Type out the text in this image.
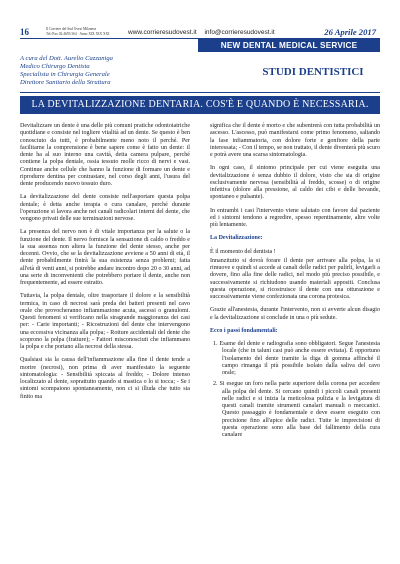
16	Il Corriere del Sud Ovest Milanese
Tel./Fax 02.4659.364 · Anno XIX XIX XXI	www.corrieresudovest.it info@corrieresudovest.it	26 Aprile 2017
NEW DENTAL MEDICAL SERVICE
A cura del Dott. Aurelio Cazzaniga
Medico Chirurgo Dentista
Specialista in Chirurgia Generale
Direttore Sanitario della Struttura
STUDI DENTISTICI
LA DEVITALIZZAZIONE DENTARIA. COS'È E QUANDO È NECESSARIA.

Devitalizzare un dente è una delle più comuni pratiche odontoiatriche quotidiane e consiste nel togliere vitalità ad un dente. Se questo è ben conosciuto da tutti, è probabilmente meno noto il perché. Per facilitarne la comprensione è bene sapere come è fatto un dente: il dente ha al suo interno una cavità, detta camera pulpare, perché contiene la polpa dentale, ossia tessuto molle ricco di nervi e vasi. Continue anche cellule che hanno la funzione di formare un dente e riprodurre dentina per contrastare, nel corso degli anni, l'usura del dente producendo nuovo tessuto duro.

La devitalizzazione del dente consiste nell'asportare questa polpa dentale; è detta anche terapia o cura canalare, perché durante l'operazione si lavora anche nei canali radicolari interni del dente, che vengono privati delle sue terminazioni nervose.

La presenza del nervo non è di vitale importanza per la salute o la funzione del dente. Il nervo fornisce la sensazione di caldo o freddo e la sua assenza non altera la funzione del dente stesso, anche per decenni. Ovvio, che se la devitalizzazione avviene a 50 anni di età, il dente probabilmente finirà la sua esistenza senza problemi; fatta all'età di venti anni, si potrebbe andare incontro dopo 20 o 30 anni, ad una serie di inconvenienti che potrebbero portare il dente, anche non frequentemente, ad essere estratto.

Tuttavia, la polpa dentale, oltre trasportare il dolore e la sensibilità termica, in caso di necrosi sarà preda dei batteri presenti nel cavo orale che provocheranno infiammazione acuta, ascessi o granulomi. Questi fenomeni si verificano nella stragrande maggioranza dei casi per: - Carie importanti; - Ricostruzioni del dente che intervengono una eccessiva vicinanza alla polpa; - Rotture accidentali del dente che scoprono la polpa (fratture); - Fattori misconosciuti che infiammano la polpa e che portano alla necrosi della stessa.

Qualsiasi sia la causa dell'infiammazione alla fine il dente tende a morire (necrosi), non prima di aver manifestato la seguente sintomatologia: - Sensibilità spiccata al freddo; - Dolore intenso localizzato al dente, soprattutto quando si mastica o lo si tocca; - Se i sintomi scompaiono spontaneamente, non ci si illuda che tutto sia finito ma

significa che il dente è morto e che subentrerà con tutta probabilità un ascesso. L'ascesso, può manifestarsi come primo fenomeno, saltando la fase infiammatoria, con dolore forte e gonfiore della parte interessata; - Con il tempo, se non trattato, il dente diventerà più scuro e potrà avere una scarsa sintomatologia.

In ogni caso, il sintomo principale per cui viene eseguita una devitalizzazione è senza dubbio il dolore, visto che sia di origine esclusivamente nervosa (sensibilità al freddo, scosse) o di origine infettiva (dolore alla pressione, al caldo dei cibi e delle bevande, spontaneo e pulsante).

In entrambi i casi l'intervento viene salutato con favore dal paziente ed i sintomi tendono a regredire, spesso repentinamente, altre volte più lentamente.

La Devitalizzazione:

È il momento del dentista !

Innanzitutto si dovrà forare il dente per arrivare alla polpa, la si rimuove e quindi si accede ai canali delle radici per pulirli, levigarli a dovere, fino alla fine delle radici, nel modo più preciso possibile, e successivamente si richiudono usando materiali appositi. Conclusa questa operazione, si ricostruisce il dente con una otturazione e successivamente viene confezionata una corona protesica.

Grazie all'anestesia, durante l'intervento, non si avverte alcun disagio e la devitalizzazione si conclude in una o più sedute.

Ecco i passi fondamentali:

1. Esame del dente e radiografia sono obbligatori. Segue l'anestesia locale (che in taluni casi può anche essere evitata). È opportuno l'isolamento del dente tramite la diga di gomma affinché il campo rimanga il più possibile isolato dalla saliva del cavo orale;
2. Si esegue un foro nella parte superiore della corona per accedere alla polpa del dente. Si cercano quindi i piccoli canali presenti nelle radici e si inizia la meticolosa pulizia e la levigatura di questi canali tramite strumenti canalari manuali o meccanici. Questo passaggio è fondamentale e deve essere eseguito con precisione fino all'apice delle radici. Tutte le imprecisioni di questa operazione sono alla base del fallimento della cura canalare
